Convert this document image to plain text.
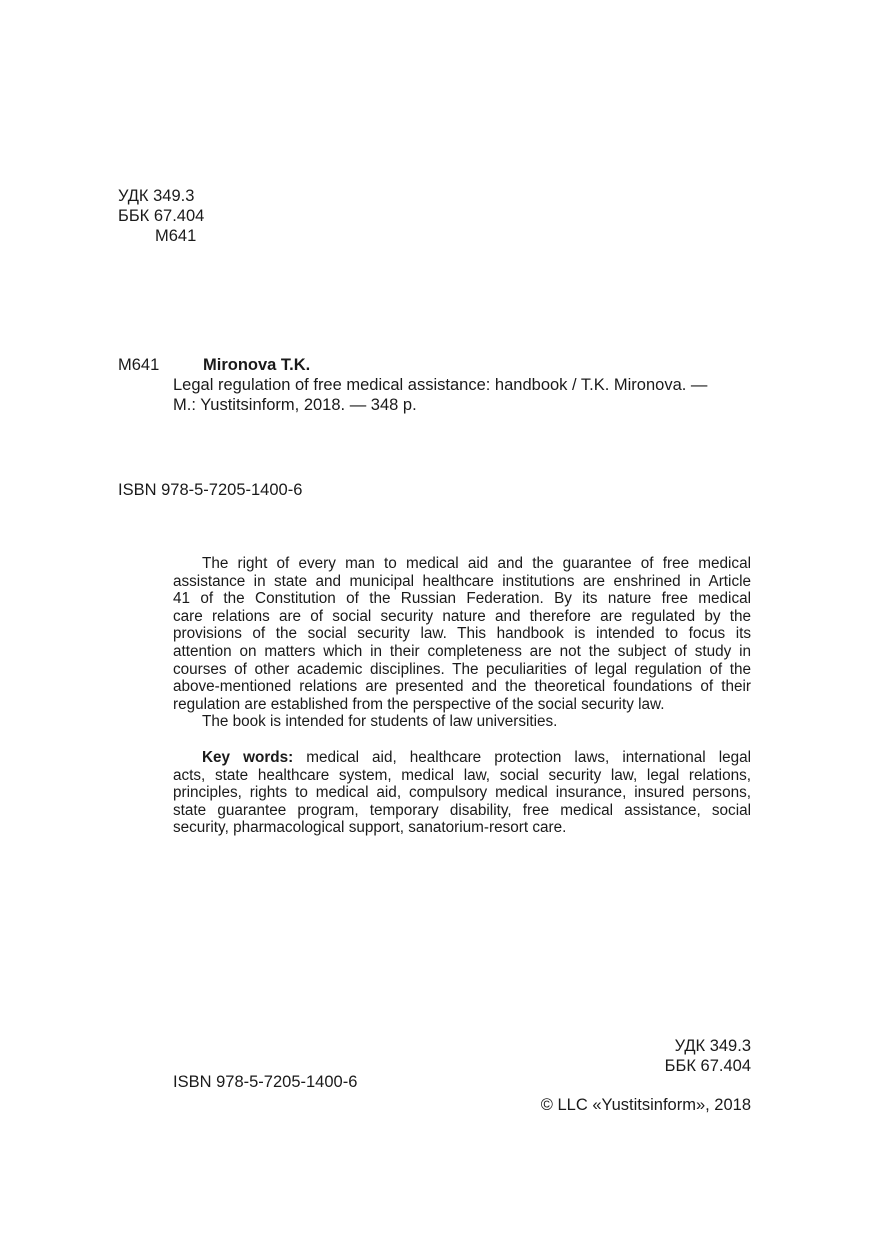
УДК 349.3
ББК 67.404
M641
M641	Mironova T.K.
Legal regulation of free medical assistance: handbook / T.K. Mironova. —
M.: Yustitsinform, 2018. — 348 p.
ISBN 978-5-7205-1400-6

The right of every man to medical aid and the guarantee of free medical

assistance in state and municipal healthcare institutions are enshrined in Article

41 of the Constitution of the Russian Federation. By its nature free medical

care relations are of social security nature and therefore are regulated by the

provisions of the social security law. This handbook is intended to focus its

attention on matters which in their completeness are not the subject of study in

courses of other academic disciplines. The peculiarities of legal regulation of the

above-mentioned relations are presented and the theoretical foundations of their

regulation are established from the perspective of the social security law.

The book is intended for students of law universities.

Key words: medical aid, healthcare protection laws, international legal

acts, state healthcare system, medical law, social security law, legal relations,

principles, rights to medical aid, compulsory medical insurance, insured persons,

state guarantee program, temporary disability, free medical assistance, social

security, pharmacological support, sanatorium-resort care.

УДК 349.3
ББК 67.404
ISBN 978-5-7205-1400-6
© LLC «Yustitsinform», 2018
